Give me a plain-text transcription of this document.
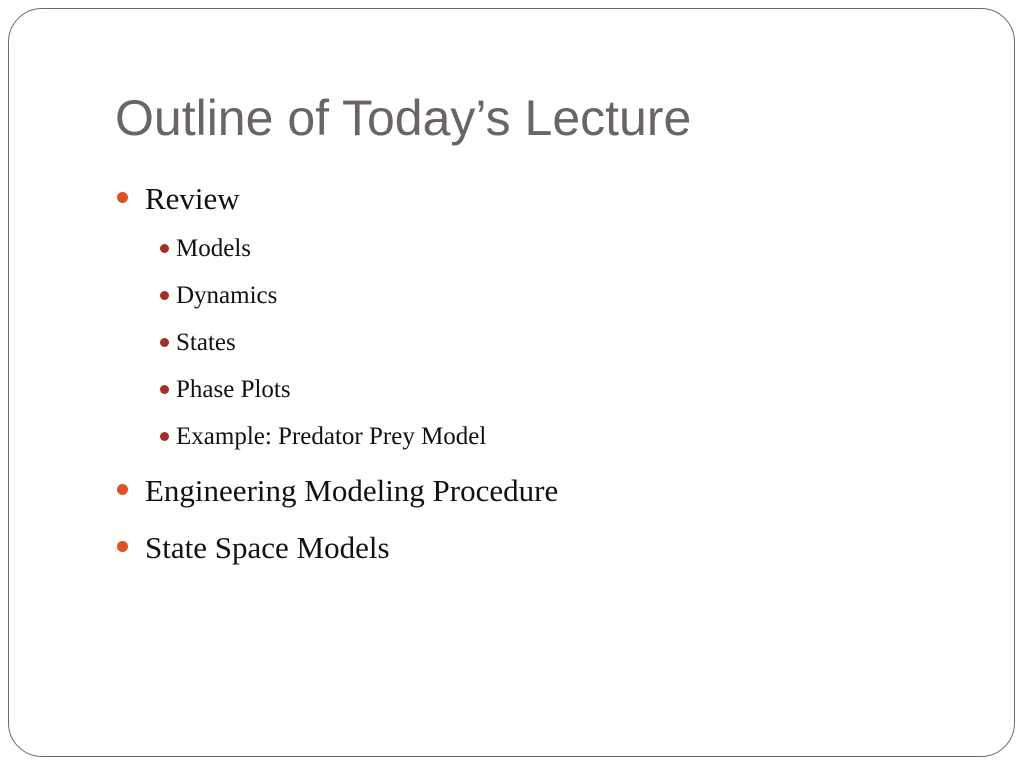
Outline of Today’s Lecture
Review
Models
Dynamics
States
Phase Plots
Example: Predator Prey Model
Engineering Modeling Procedure
State Space Models
